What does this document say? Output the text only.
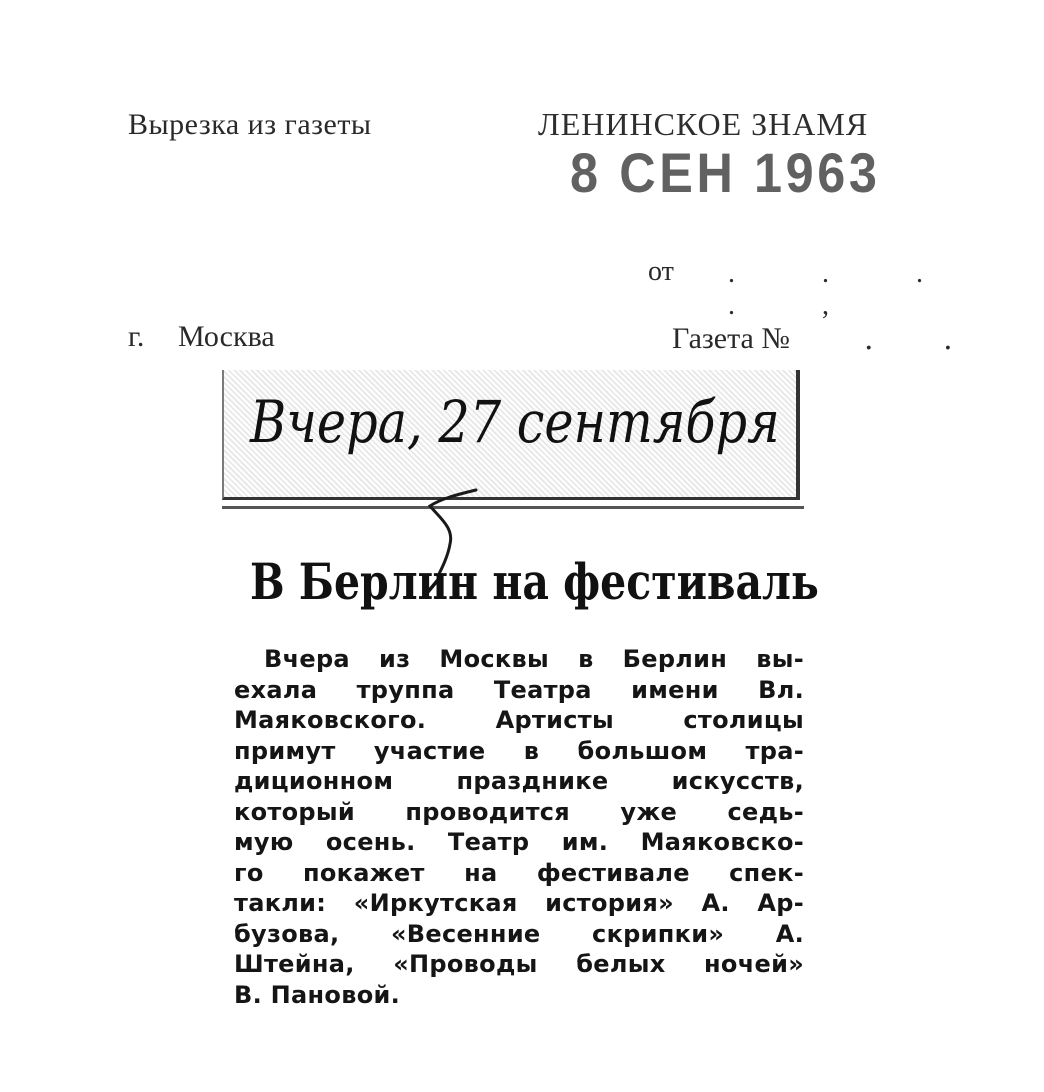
Вырезка из газеты	ЛЕНИНСКОЕ ЗНАМЯ
8 СЕН 1963
от . . . . ,
г. Москва	Газета № . .
Вчера, 27 сентября
В Берлин на фестиваль
Вчера из Москвы в Берлин вы-
ехала труппа Театра имени Вл.
Маяковского. Артисты столицы
примут участие в большом тра-
диционном празднике искусств,
который проводится уже седь-
мую осень. Театр им. Маяковско-
го покажет на фестивале спек-
такли: «Иркутская история» А. Ар-
бузова, «Весенние скрипки» А.
Штейна, «Проводы белых ночей»
В. Пановой.
